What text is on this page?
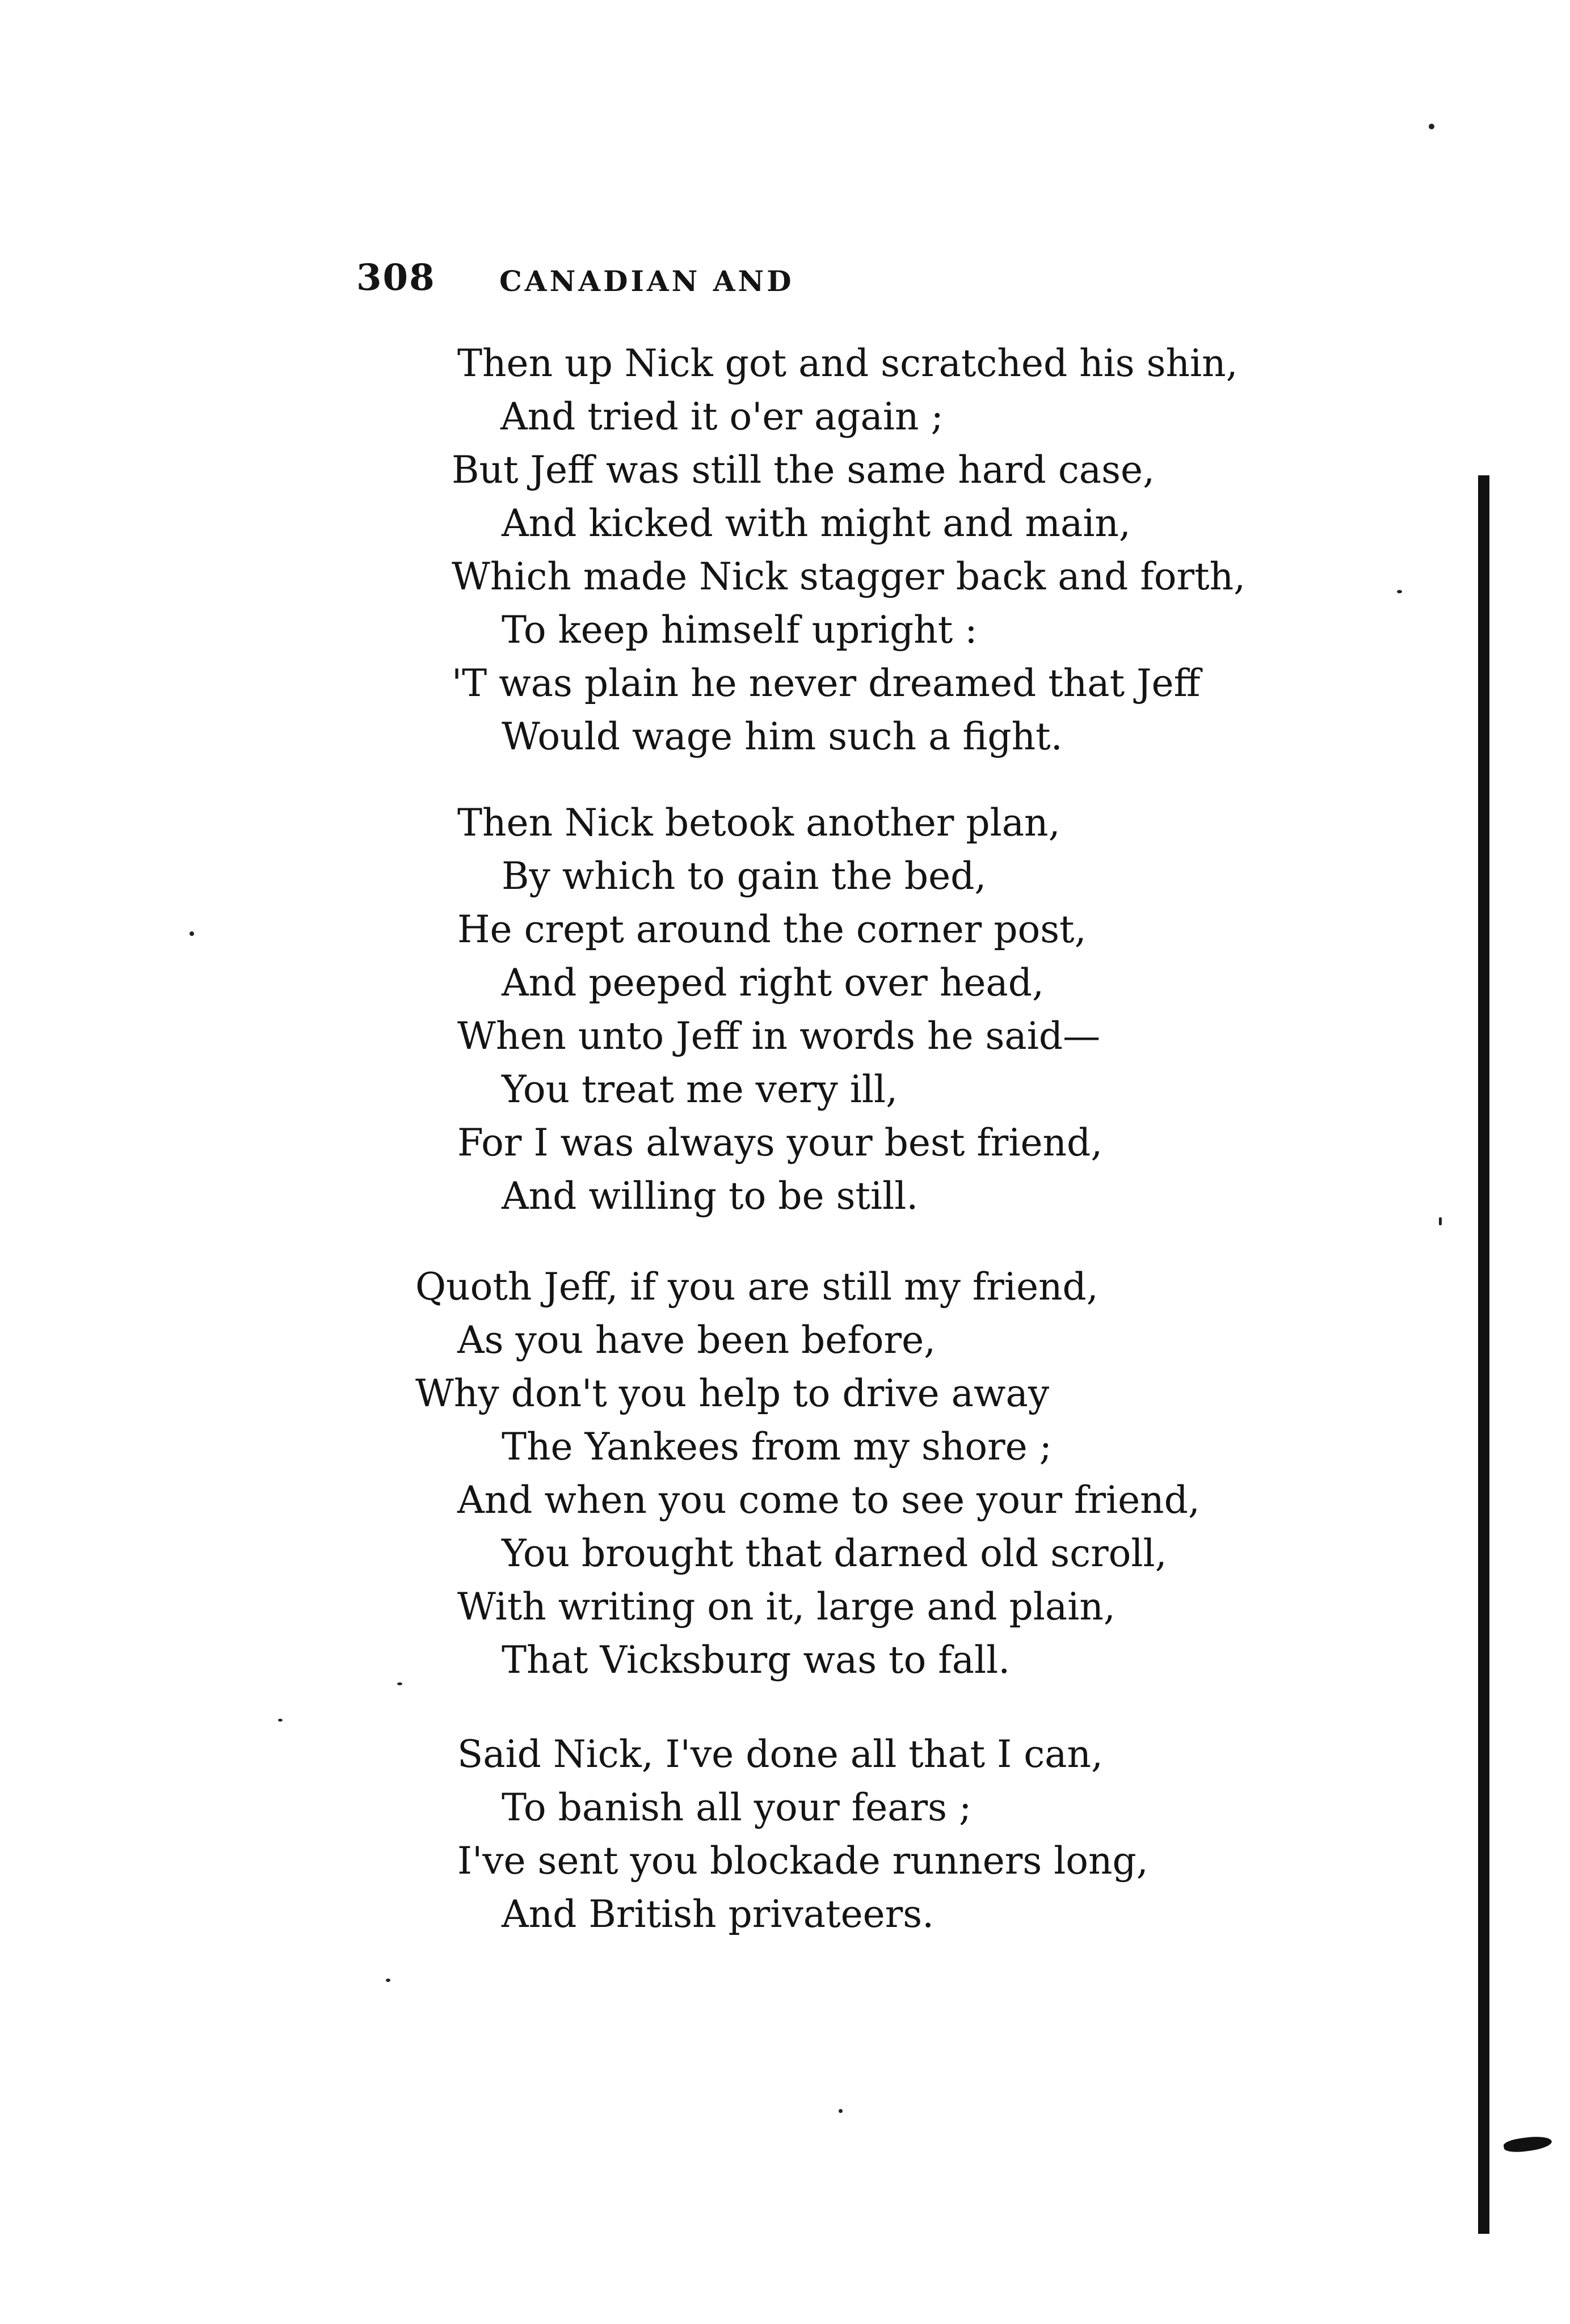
308 CANADIAN AND
Then up Nick got and scratched his shin,
And tried it o'er again ;
But Jeff was still the same hard case,
And kicked with might and main,
Which made Nick stagger back and forth,
To keep himself upright :
'T was plain he never dreamed that Jeff
Would wage him such a fight.
Then Nick betook another plan,
By which to gain the bed,
He crept around the corner post,
And peeped right over head,
When unto Jeff in words he said—
You treat me very ill,
For I was always your best friend,
And willing to be still.
Quoth Jeff, if you are still my friend,
As you have been before,
Why don't you help to drive away
The Yankees from my shore ;
And when you come to see your friend,
You brought that darned old scroll,
With writing on it, large and plain,
That Vicksburg was to fall.
Said Nick, I've done all that I can,
To banish all your fears ;
I've sent you blockade runners long,
And British privateers.
